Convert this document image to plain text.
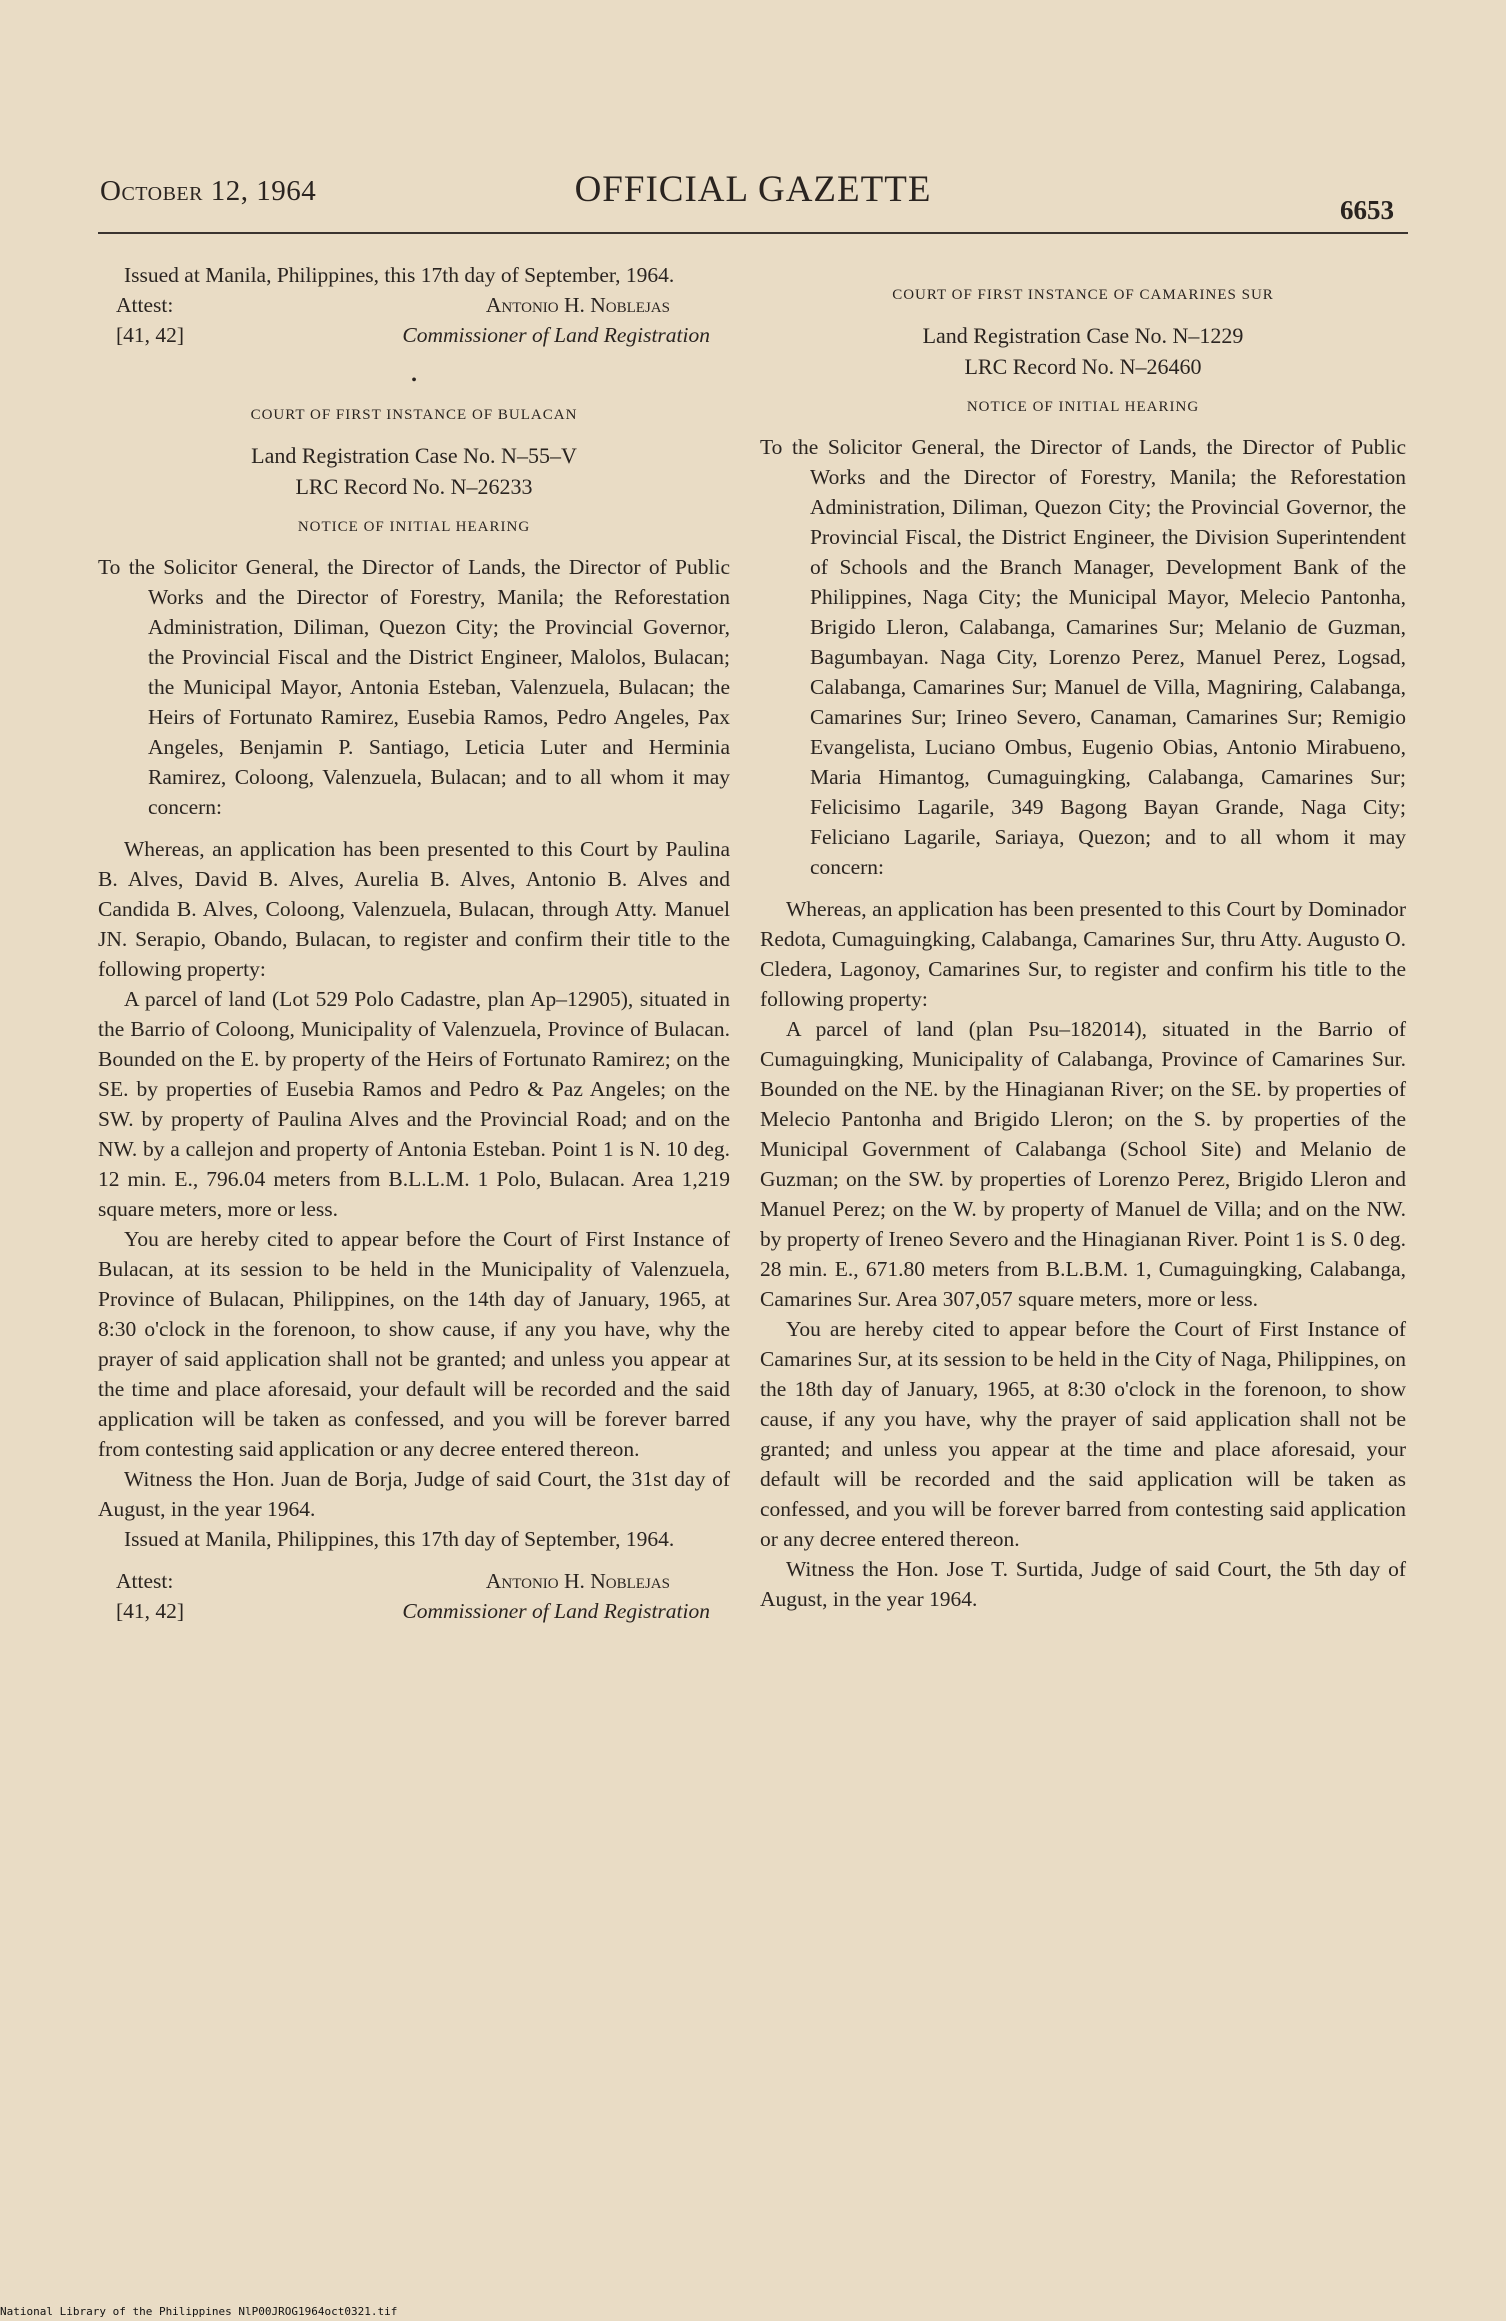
October 12, 1964	OFFICIAL GAZETTE	6653

Issued at Manila, Philippines, this 17th day of September, 1964.

Attest:	Antonio H. Noblejas
[41, 42]	Commissioner of Land Registration
•
COURT OF FIRST INSTANCE OF BULACAN
Land Registration Case No. N–55–V
LRC Record No. N–26233
NOTICE OF INITIAL HEARING

To the Solicitor General, the Director of Lands, the Director of Public Works and the Director of Forestry, Manila; the Reforestation Administration, Diliman, Quezon City; the Provincial Governor, the Provincial Fiscal and the District Engineer, Malolos, Bulacan; the Municipal Mayor, Antonia Esteban, Valenzuela, Bulacan; the Heirs of Fortunato Ramirez, Eusebia Ramos, Pedro Angeles, Pax Angeles, Benjamin P. Santiago, Leticia Luter and Herminia Ramirez, Coloong, Valenzuela, Bulacan; and to all whom it may concern:

Whereas, an application has been presented to this Court by Paulina B. Alves, David B. Alves, Aurelia B. Alves, Antonio B. Alves and Candida B. Alves, Coloong, Valenzuela, Bulacan, through Atty. Manuel JN. Serapio, Obando, Bulacan, to register and confirm their title to the following property:

A parcel of land (Lot 529 Polo Cadastre, plan Ap–12905), situated in the Barrio of Coloong, Municipality of Valenzuela, Province of Bulacan. Bounded on the E. by property of the Heirs of Fortunato Ramirez; on the SE. by properties of Eusebia Ramos and Pedro & Paz Angeles; on the SW. by property of Paulina Alves and the Provincial Road; and on the NW. by a callejon and property of Antonia Esteban. Point 1 is N. 10 deg. 12 min. E., 796.04 meters from B.L.L.M. 1 Polo, Bulacan. Area 1,219 square meters, more or less.

You are hereby cited to appear before the Court of First Instance of Bulacan, at its session to be held in the Municipality of Valenzuela, Province of Bulacan, Philippines, on the 14th day of January, 1965, at 8:30 o'clock in the forenoon, to show cause, if any you have, why the prayer of said application shall not be granted; and unless you appear at the time and place aforesaid, your default will be recorded and the said application will be taken as confessed, and you will be forever barred from contesting said application or any decree entered thereon.

Witness the Hon. Juan de Borja, Judge of said Court, the 31st day of August, in the year 1964.

Issued at Manila, Philippines, this 17th day of September, 1964.

Attest:	Antonio H. Noblejas
[41, 42]	Commissioner of Land Registration
COURT OF FIRST INSTANCE OF CAMARINES SUR
Land Registration Case No. N–1229
LRC Record No. N–26460
NOTICE OF INITIAL HEARING

To the Solicitor General, the Director of Lands, the Director of Public Works and the Director of Forestry, Manila; the Reforestation Administration, Diliman, Quezon City; the Provincial Governor, the Provincial Fiscal, the District Engineer, the Division Superintendent of Schools and the Branch Manager, Development Bank of the Philippines, Naga City; the Municipal Mayor, Melecio Pantonha, Brigido Lleron, Calabanga, Camarines Sur; Melanio de Guzman, Bagumbayan. Naga City, Lorenzo Perez, Manuel Perez, Logsad, Calabanga, Camarines Sur; Manuel de Villa, Magniring, Calabanga, Camarines Sur; Irineo Severo, Canaman, Camarines Sur; Remigio Evangelista, Luciano Ombus, Eugenio Obias, Antonio Mirabueno, Maria Himantog, Cumaguingking, Calabanga, Camarines Sur; Felicisimo Lagarile, 349 Bagong Bayan Grande, Naga City; Feliciano Lagarile, Sariaya, Quezon; and to all whom it may concern:

Whereas, an application has been presented to this Court by Dominador Redota, Cumaguingking, Calabanga, Camarines Sur, thru Atty. Augusto O. Cledera, Lagonoy, Camarines Sur, to register and confirm his title to the following property:

A parcel of land (plan Psu–182014), situated in the Barrio of Cumaguingking, Municipality of Calabanga, Province of Camarines Sur. Bounded on the NE. by the Hinagianan River; on the SE. by properties of Melecio Pantonha and Brigido Lleron; on the S. by properties of the Municipal Government of Calabanga (School Site) and Melanio de Guzman; on the SW. by properties of Lorenzo Perez, Brigido Lleron and Manuel Perez; on the W. by property of Manuel de Villa; and on the NW. by property of Ireneo Severo and the Hinagianan River. Point 1 is S. 0 deg. 28 min. E., 671.80 meters from B.L.B.M. 1, Cumaguingking, Calabanga, Camarines Sur. Area 307,057 square meters, more or less.

You are hereby cited to appear before the Court of First Instance of Camarines Sur, at its session to be held in the City of Naga, Philippines, on the 18th day of January, 1965, at 8:30 o'clock in the forenoon, to show cause, if any you have, why the prayer of said application shall not be granted; and unless you appear at the time and place aforesaid, your default will be recorded and the said application will be taken as confessed, and you will be forever barred from contesting said application or any decree entered thereon.

Witness the Hon. Jose T. Surtida, Judge of said Court, the 5th day of August, in the year 1964.

National Library of the Philippines NlP00JROG1964oct0321.tif
